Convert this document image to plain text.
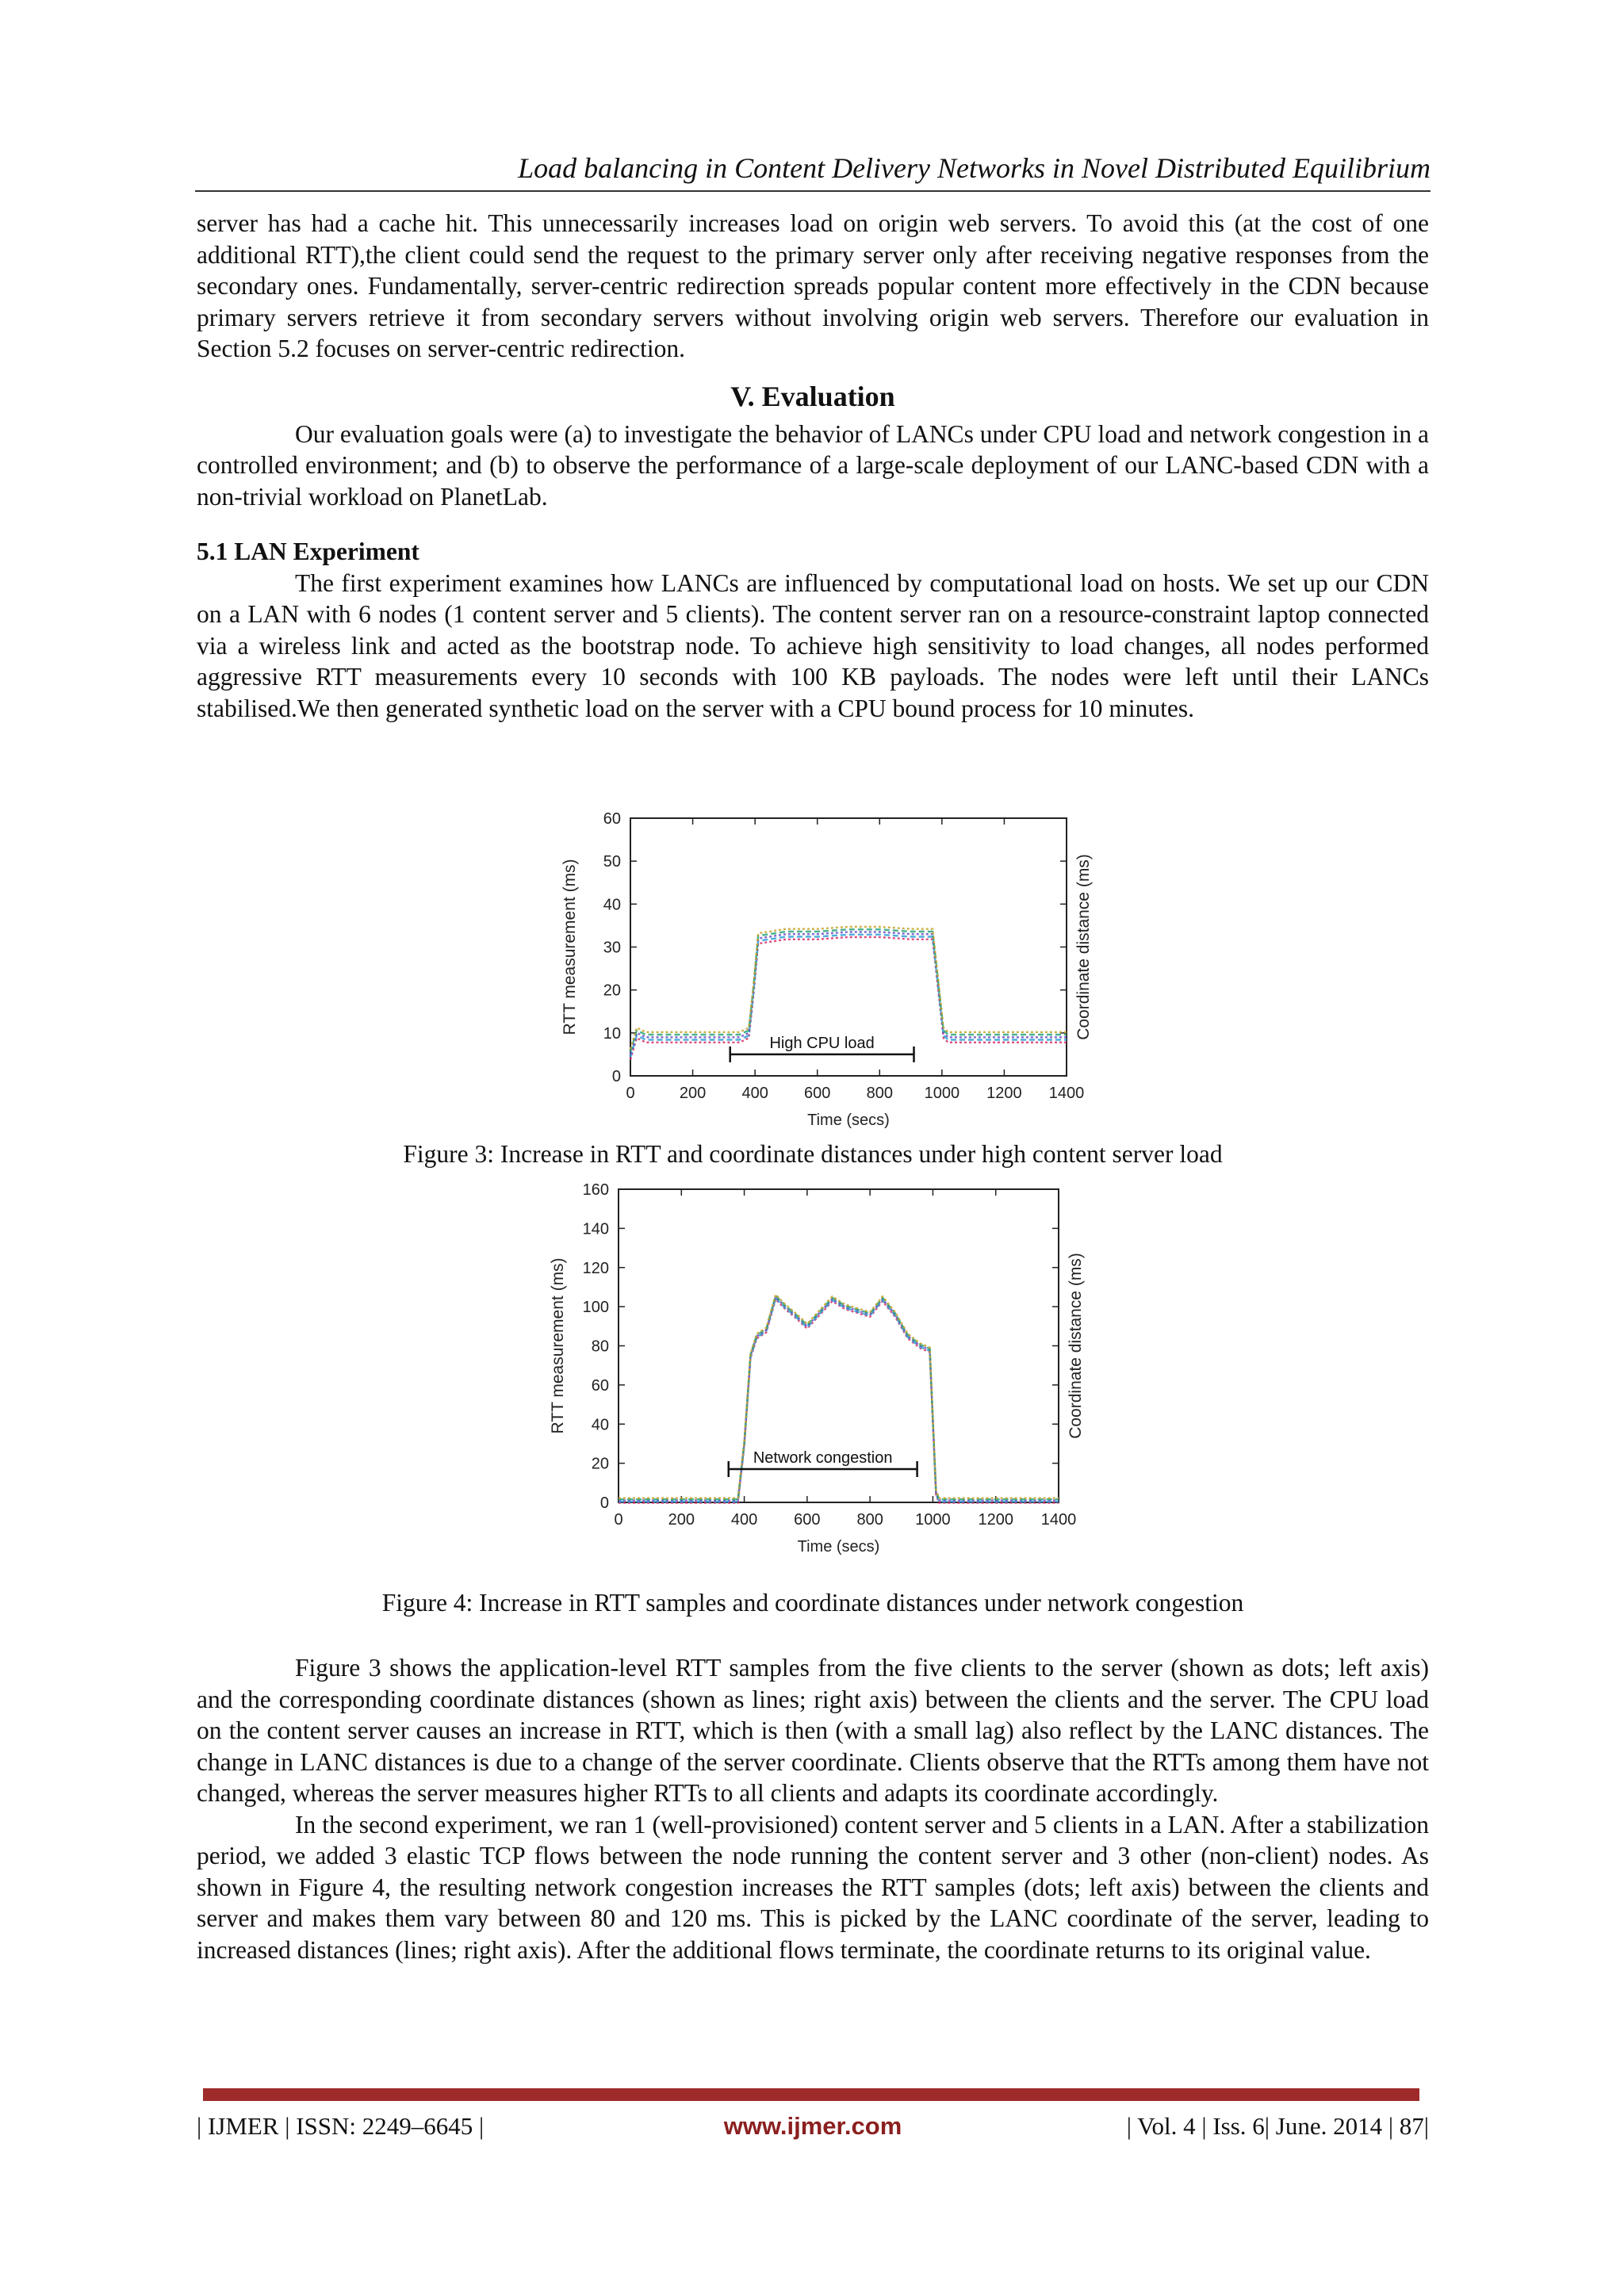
Load balancing in Content Delivery Networks in Novel Distributed Equilibrium

server has had a cache hit. This unnecessarily increases load on origin web servers. To avoid this (at the cost of one additional RTT),the client could send the request to the primary server only after receiving negative responses from the secondary ones. Fundamentally, server-centric redirection spreads popular content more effectively in the CDN because primary servers retrieve it from secondary servers without involving origin web servers. Therefore our evaluation in Section 5.2 focuses on server-centric redirection.

V. Evaluation

Our evaluation goals were (a) to investigate the behavior of LANCs under CPU load and network congestion in a controlled environment; and (b) to observe the performance of a large-scale deployment of our LANC-based CDN with a non-trivial workload on PlanetLab.

5.1 LAN Experiment

The first experiment examines how LANCs are influenced by computational load on hosts. We set up our CDN on a LAN with 6 nodes (1 content server and 5 clients). The content server ran on a resource-constraint laptop connected via a wireless link and acted as the bootstrap node. To achieve high sensitivity to load changes, all nodes performed aggressive RTT measurements every 10 seconds with 100 KB payloads. The nodes were left until their LANCs stabilised.We then generated synthetic load on the server with a CPU bound process for 10 minutes.

0	200 400 600 800 1000 1200 1400
0
10
20
30
40
50
60
Time (secs)
RTT measurement (ms)	Coordinate distance (ms)
High CPU load
Figure 3: Increase in RTT and coordinate distances under high content server load
0	200 400 600 800 1000 1200 1400
0
20
40
60
80
100
120
140
160
Time (secs)
RTT measurement (ms)	Coordinate distance (ms)
Network congestion
Figure 4: Increase in RTT samples and coordinate distances under network congestion

Figure 3 shows the application-level RTT samples from the five clients to the server (shown as dots; left axis) and the corresponding coordinate distances (shown as lines; right axis) between the clients and the server. The CPU load on the content server causes an increase in RTT, which is then (with a small lag) also reflect by the LANC distances. The change in LANC distances is due to a change of the server coordinate. Clients observe that the RTTs among them have not changed, whereas the server measures higher RTTs to all clients and adapts its coordinate accordingly.

In the second experiment, we ran 1 (well-provisioned) content server and 5 clients in a LAN. After a stabilization period, we added 3 elastic TCP flows between the node running the content server and 3 other (non-client) nodes. As shown in Figure 4, the resulting network congestion increases the RTT samples (dots; left axis) between the clients and server and makes them vary between 80 and 120 ms. This is picked by the LANC coordinate of the server, leading to increased distances (lines; right axis). After the additional flows terminate, the coordinate returns to its original value.

| IJMER | ISSN: 2249–6645 |	www.ijmer.com	| Vol. 4 | Iss. 6| June. 2014 | 87|
